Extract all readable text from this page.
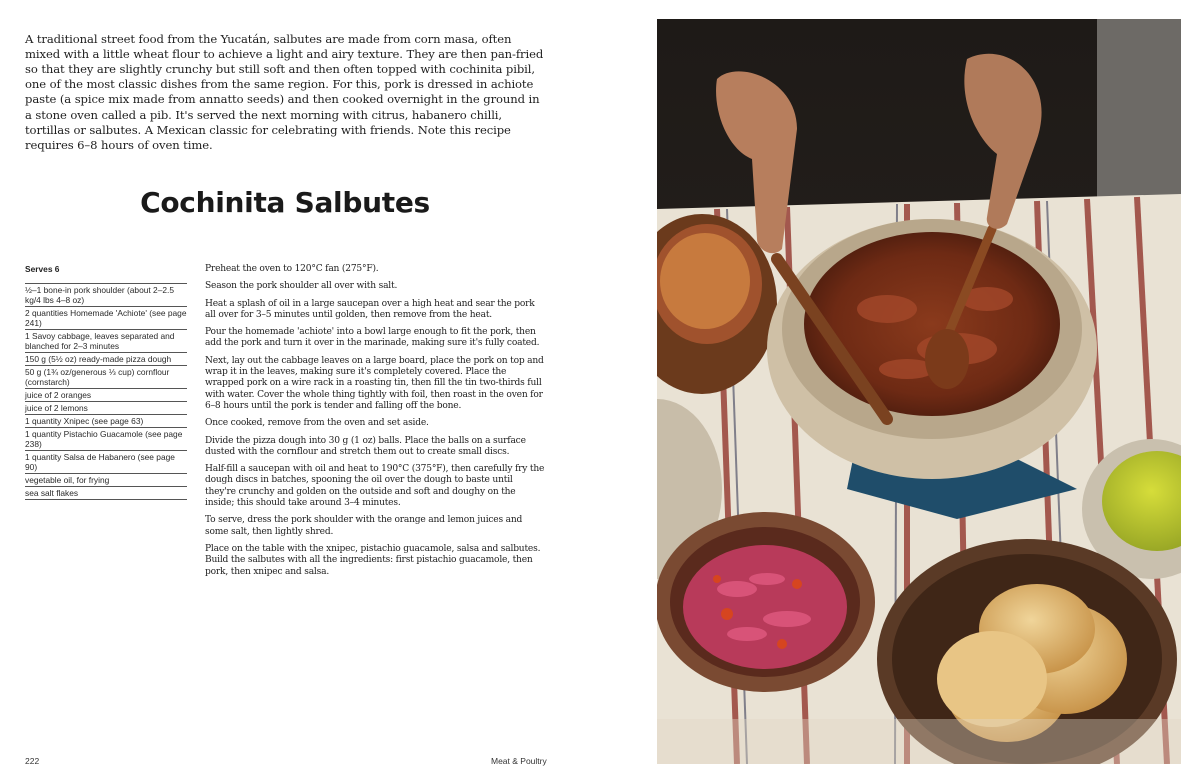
A traditional street food from the Yucatán, salbutes are made from corn masa, often mixed with a little wheat flour to achieve a light and airy texture. They are then pan-fried so that they are slightly crunchy but still soft and then often topped with cochinita pibil, one of the most classic dishes from the same region. For this, pork is dressed in achiote paste (a spice mix made from annatto seeds) and then cooked overnight in the ground in a stone oven called a pib. It's served the next morning with citrus, habanero chilli, tortillas or salbutes. A Mexican classic for celebrating with friends. Note this recipe requires 6–8 hours of oven time.

Cochinita Salbutes
Serves 6
½–1 bone-in pork shoulder (about 2–2.5 kg/4 lbs 4–8 oz)
2 quantities Homemade 'Achiote' (see page 241)
1 Savoy cabbage, leaves separated and blanched for 2–3 minutes
150 g (5½ oz) ready-made pizza dough
50 g (1¾ oz/generous ⅓ cup) cornflour (cornstarch)
juice of 2 oranges
juice of 2 lemons
1 quantity Xnipec (see page 63)
1 quantity Pistachio Guacamole (see page 238)
1 quantity Salsa de Habanero (see page 90)
vegetable oil, for frying
sea salt flakes

Preheat the oven to 120°C fan (275°F).

Season the pork shoulder all over with salt.

Heat a splash of oil in a large saucepan over a high heat and sear the pork all over for 3–5 minutes until golden, then remove from the heat.

Pour the homemade 'achiote' into a bowl large enough to fit the pork, then add the pork and turn it over in the marinade, making sure it's fully coated.

Next, lay out the cabbage leaves on a large board, place the pork on top and wrap it in the leaves, making sure it's completely covered. Place the wrapped pork on a wire rack in a roasting tin, then fill the tin two-thirds full with water. Cover the whole thing tightly with foil, then roast in the oven for 6–8 hours until the pork is tender and falling off the bone.

Once cooked, remove from the oven and set aside.

Divide the pizza dough into 30 g (1 oz) balls. Place the balls on a surface dusted with the cornflour and stretch them out to create small discs.

Half-fill a saucepan with oil and heat to 190°C (375°F), then carefully fry the dough discs in batches, spooning the oil over the dough to baste until they're crunchy and golden on the outside and soft and doughy on the inside; this should take around 3–4 minutes.

To serve, dress the pork shoulder with the orange and lemon juices and some salt, then lightly shred.

Place on the table with the xnipec, pistachio guacamole, salsa and salbutes. Build the salbutes with all the ingredients: first pistachio guacamole, then pork, then xnipec and salsa.

222	Meat & Poultry
